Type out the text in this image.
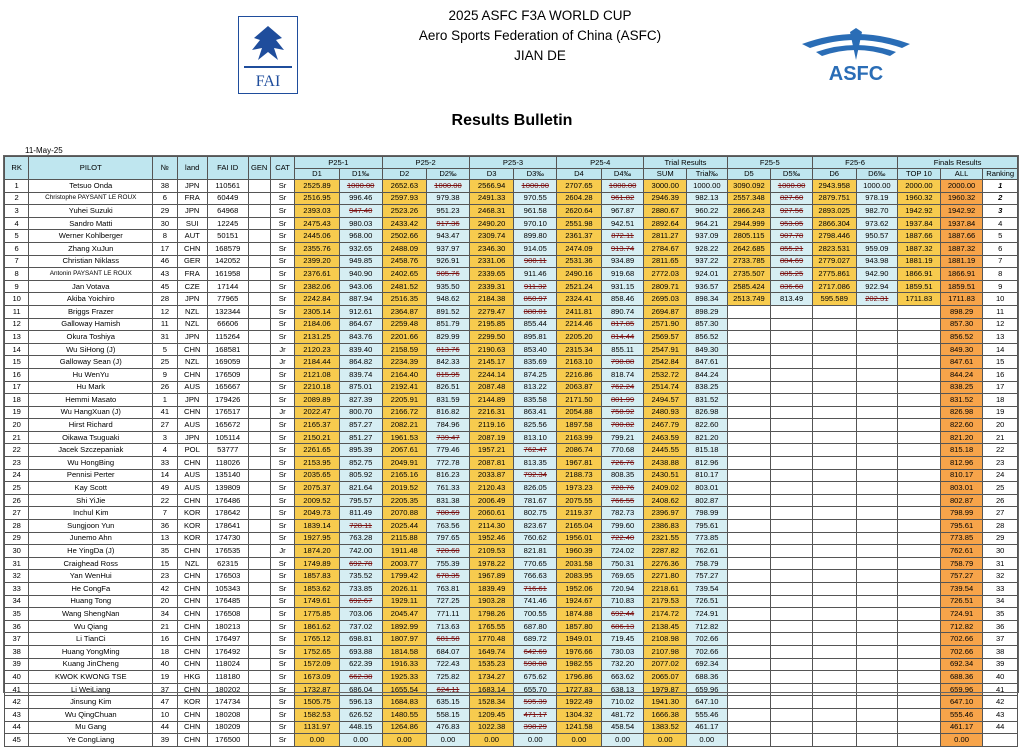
FAI
2025 ASFC F3A WORLD CUP
Aero Sports Federation of China (ASFC)
JIAN DE
ASFC
Results Bulletin
11-May-25
RK	PILOT	№	land	FAI ID	GEN	CAT	P25-1		P25-2		P25-3		P25-4		Trial Results		F25-5		F25-6		Finals Results		
							D1	D1‰	D2	D2‰	D3	D3‰	D4	D4‰	SUM	Trial‰	D5	D5‰	D6	D6‰	TOP 10	ALL	Ranking
1	Tetsuo Onda	38	JPN	110561		Sr	2525.89	1000.00	2652.63	1000.00	2566.94	1000.00	2707.65	1000.00	3000.00	1000.00	3090.092	1000.00	2943.958	1000.00	2000.00	2000.00	1
2	Christophe PAYSANT LE ROUX	6	FRA	60449		Sr	2516.95	996.46	2597.93	979.38	2491.33	970.55	2604.28	961.82	2946.39	982.13	2557.348	827.60	2879.751	978.19	1960.32	1960.32	2
3	Yuhei Suzuki	29	JPN	64968		Sr	2393.03	947.40	2523.26	951.23	2468.31	961.58	2620.64	967.87	2880.67	960.22	2866.243	927.56	2893.025	982.70	1942.92	1942.92	3
4	Sandro Matti	30	SUI	12245		Sr	2475.43	980.03	2433.42	917.36	2490.20	970.10	2551.98	942.51	2892.64	964.21	2944.999	953.05	2866.304	973.62	1937.84	1937.84	4
5	Werner Kohlberger	8	AUT	50151		Sr	2445.06	968.00	2502.66	943.47	2309.74	899.80	2361.37	872.11	2811.27	937.09	2805.115	907.78	2798.446	950.57	1887.66	1887.66	5
6	Zhang XuJun	17	CHN	168579		Sr	2355.76	932.65	2488.09	937.97	2346.30	914.05	2474.09	913.74	2784.67	928.22	2642.685	855.21	2823.531	959.09	1887.32	1887.32	6
7	Christian Niklass	46	GER	142052		Sr	2399.20	949.85	2458.76	926.91	2331.06	908.11	2531.36	934.89	2811.65	937.22	2733.785	884.69	2779.027	943.98	1881.19	1881.19	7
8	Antonin PAYSANT LE ROUX	43	FRA	161958		Sr	2376.61	940.90	2402.65	905.76	2339.65	911.46	2490.16	919.68	2772.03	924.01	2735.507	885.25	2775.861	942.90	1866.91	1866.91	8
9	Jan Votava	45	CZE	17144		Sr	2382.06	943.06	2481.52	935.50	2339.31	911.32	2521.24	931.15	2809.71	936.57	2585.424	836.68	2717.086	922.94	1859.51	1859.51	9
10	Akiba Yoichiro	28	JPN	77965		Sr	2242.84	887.94	2516.35	948.62	2184.38	850.97	2324.41	858.46	2695.03	898.34	2513.749	813.49	595.589	202.31	1711.83	1711.83	10
11	Briggs Frazer	12	NZL	132344		Sr	2305.14	912.61	2364.87	891.52	2279.47	888.01	2411.81	890.74	2694.87	898.29						898.29	11
12	Galloway Hamish	11	NZL	66606		Sr	2184.06	864.67	2259.48	851.79	2195.85	855.44	2214.46	817.85	2571.90	857.30						857.30	12
13	Okura Toshiya	31	JPN	115264		Sr	2131.25	843.76	2201.66	829.99	2299.50	895.81	2205.20	814.44	2569.57	856.52						856.52	13
14	Wu SiHong (J)	5	CHN	168581		Jr	2120.23	839.40	2158.59	813.76	2190.63	853.40	2315.34	855.11	2547.91	849.30						849.30	14
15	Galloway Sean (J)	25	NZL	169059		Jr	2184.44	864.82	2234.39	842.33	2145.17	835.69	2163.10	798.88	2542.84	847.61						847.61	15
16	Hu WenYu	9	CHN	176509		Sr	2121.08	839.74	2164.40	815.95	2244.14	874.25	2216.86	818.74	2532.72	844.24						844.24	16
17	Hu Mark	26	AUS	165667		Sr	2210.18	875.01	2192.41	826.51	2087.48	813.22	2063.87	762.24	2514.74	838.25						838.25	17
18	Hemmi Masato	1	JPN	179426		Sr	2089.89	827.39	2205.91	831.59	2144.89	835.58	2171.50	801.99	2494.57	831.52						831.52	18
19	Wu HangXuan (J)	41	CHN	176517		Jr	2022.47	800.70	2166.72	816.82	2216.31	863.41	2054.88	758.92	2480.93	826.98						826.98	19
20	Hirst Richard	27	AUS	165672		Sr	2165.37	857.27	2082.21	784.96	2119.16	825.56	1897.58	700.82	2467.79	822.60						822.60	20
21	Oikawa Tsuguaki	3	JPN	105114		Sr	2150.21	851.27	1961.53	739.47	2087.19	813.10	2163.99	799.21	2463.59	821.20						821.20	21
22	Jacek Szczepaniak	4	POL	53777		Sr	2261.65	895.39	2067.61	779.46	1957.21	762.47	2086.74	770.68	2445.55	815.18						815.18	22
23	Wu HongBing	33	CHN	118026		Sr	2153.95	852.75	2049.91	772.78	2087.81	813.35	1967.81	726.76	2438.88	812.96						812.96	23
24	Pennisi Perter	14	AUS	135140		Sr	2035.65	805.92	2165.16	816.23	2033.87	792.34	2188.73	808.35	2430.51	810.17						810.17	24
25	Kay Scott	49	AUS	139809		Sr	2075.37	821.64	2019.52	761.33	2120.43	826.05	1973.23	728.76	2409.02	803.01						803.01	25
26	Shi YiJie	22	CHN	176486		Sr	2009.52	795.57	2205.35	831.38	2006.49	781.67	2075.55	766.55	2408.62	802.87						802.87	26
27	Inchul Kim	7	KOR	178642		Sr	2049.73	811.49	2070.88	780.69	2060.61	802.75	2119.37	782.73	2396.97	798.99						798.99	27
28	Sungjoon Yun	36	KOR	178641		Sr	1839.14	728.11	2025.44	763.56	2114.30	823.67	2165.04	799.60	2386.83	795.61						795.61	28
29	Junemo Ahn	13	KOR	174730		Sr	1927.95	763.28	2115.88	797.65	1952.46	760.62	1956.01	722.40	2321.55	773.85						773.85	29
30	He YingDa (J)	35	CHN	176535		Jr	1874.20	742.00	1911.48	720.60	2109.53	821.81	1960.39	724.02	2287.82	762.61						762.61	30
31	Craighead Ross	15	NZL	62315		Sr	1749.89	692.78	2003.77	755.39	1978.22	770.65	2031.58	750.31	2276.36	758.79						758.79	31
32	Yan WenHui	23	CHN	176503		Sr	1857.83	735.52	1799.42	678.35	1967.89	766.63	2083.95	769.65	2271.80	757.27						757.27	32
33	He CongFa	42	CHN	105343		Sr	1853.62	733.85	2026.11	763.81	1839.49	716.61	1952.06	720.94	2218.61	739.54						739.54	33
34	Huang Tong	20	CHN	176485		Sr	1749.61	692.67	1929.11	727.25	1903.28	741.46	1924.67	710.83	2179.53	726.51						726.51	34
35	Wang ShengNan	34	CHN	176508		Sr	1775.85	703.06	2045.47	771.11	1798.26	700.55	1874.88	692.44	2174.72	724.91						724.91	35
36	Wu Qiang	21	CHN	180213		Sr	1861.62	737.02	1892.99	713.63	1765.55	687.80	1857.80	686.13	2138.45	712.82						712.82	36
37	Li TianCi	16	CHN	176497		Sr	1765.12	698.81	1807.97	681.58	1770.48	689.72	1949.01	719.45	2108.98	702.66						702.66	37
38	Huang YongMing	18	CHN	176492		Sr	1752.65	693.88	1814.58	684.07	1649.74	642.69	1976.66	730.03	2107.98	702.66						702.66	38
39	Kuang JinCheng	40	CHN	118024		Sr	1572.09	622.39	1916.33	722.43	1535.23	598.08	1982.55	732.20	2077.02	692.34						692.34	39
40	KWOK KWONG TSE	19	HKG	118180		Sr	1673.09	662.38	1925.33	725.82	1734.27	675.62	1796.86	663.62	2065.07	688.36						688.36	40
41	Li WeiLiang	37	CHN	180202		Sr	1732.87	686.04	1655.54	624.11	1683.14	655.70	1727.83	638.13	1979.87	659.96						659.96	41
42	Jinsung Kim	47	KOR	174734		Sr	1505.75	596.13	1684.83	635.15	1528.34	595.39	1922.49	710.02	1941.30	647.10						647.10	42
43	Wu QingChuan	10	CHN	180208		Sr	1582.53	626.52	1480.55	558.15	1209.45	471.17	1304.32	481.72	1666.38	555.46						555.46	43
44	Mu Gang	44	CHN	180209		Sr	1131.97	448.15	1264.86	476.83	1022.38	398.29	1241.58	458.54	1383.52	461.17						461.17	44
45	Ye CongLiang	39	CHN	176500		Sr	0.00	0.00	0.00	0.00	0.00	0.00	0.00	0.00	0.00	0.00						0.00	
